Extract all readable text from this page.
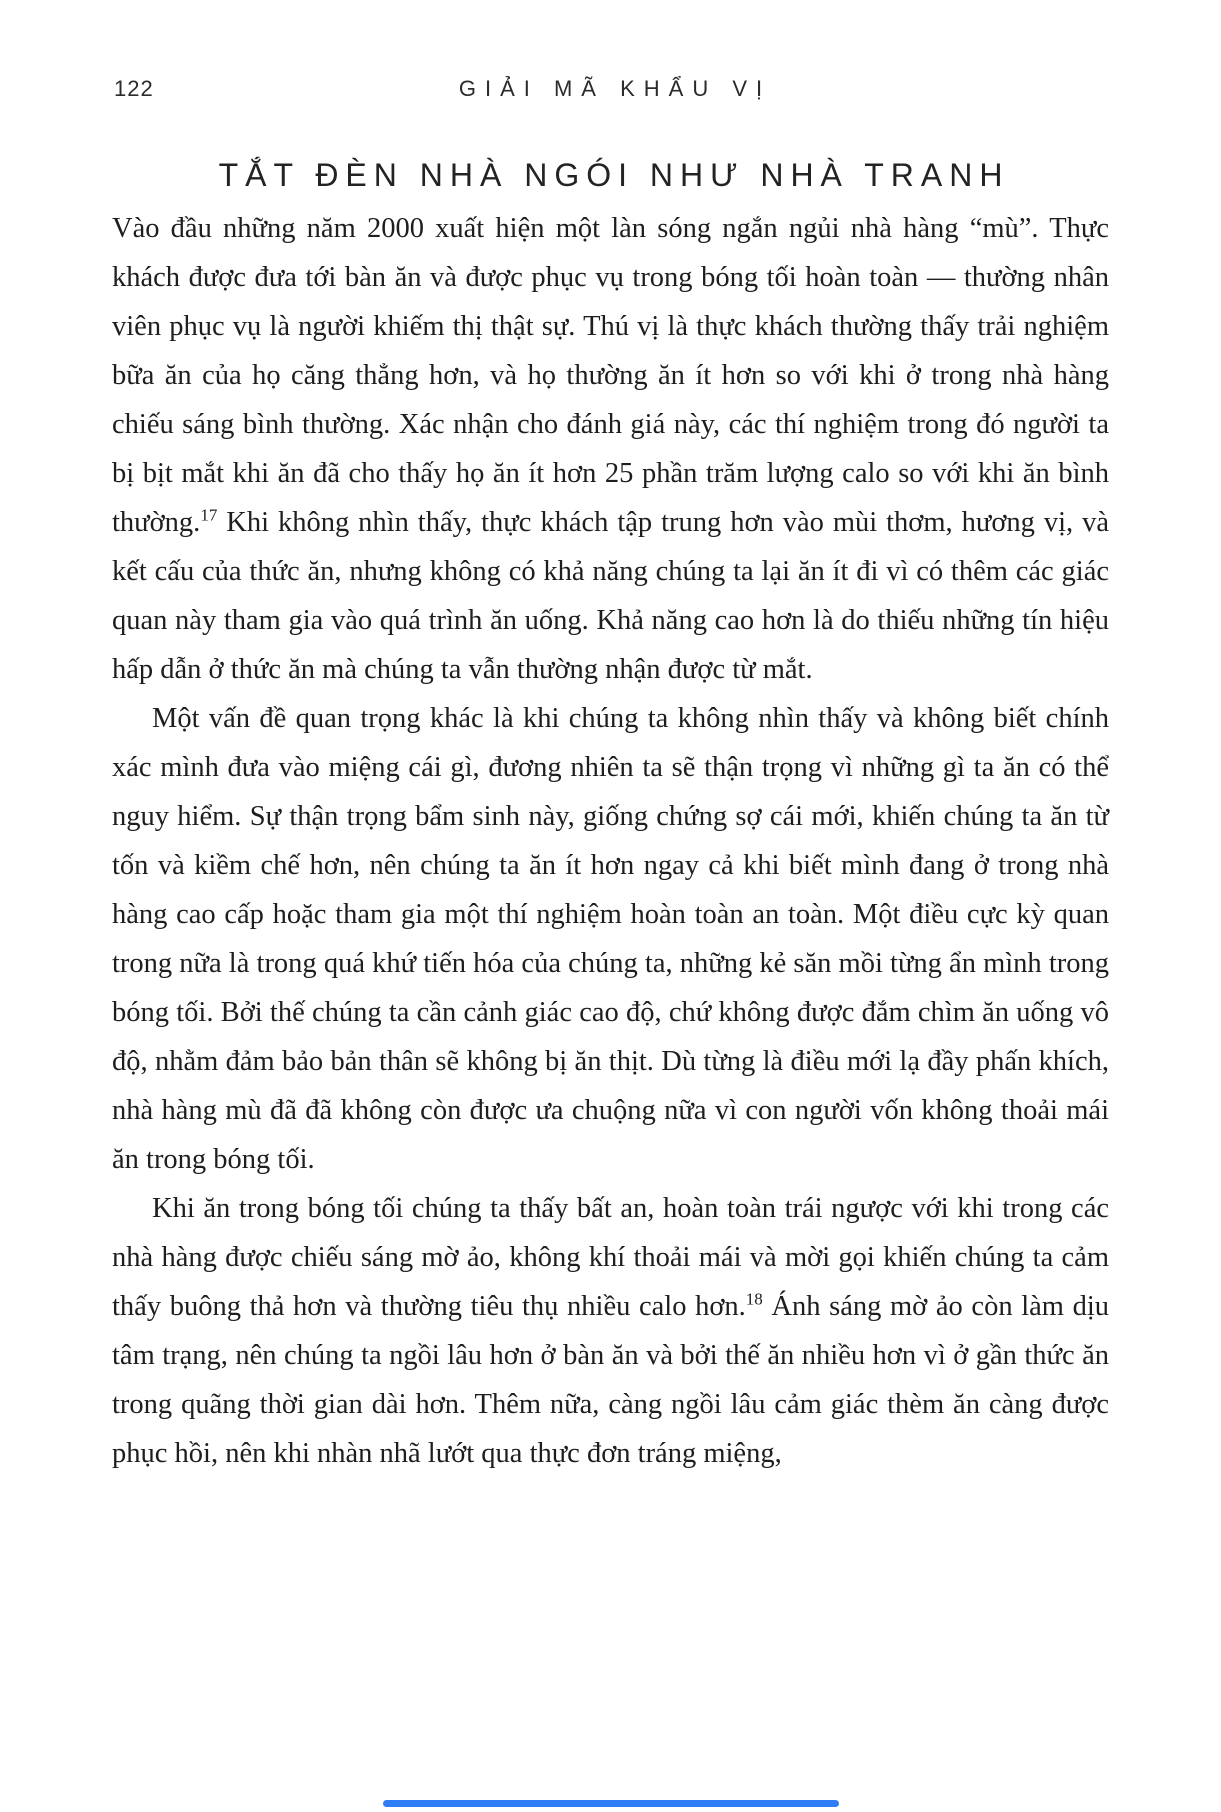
122	GIẢI MÃ KHẨU VỊ
TẮT ĐÈN NHÀ NGÓI NHƯ NHÀ TRANH

Vào đầu những năm 2000 xuất hiện một làn sóng ngắn ngủi nhà hàng “mù”. Thực khách được đưa tới bàn ăn và được phục vụ trong bóng tối hoàn toàn — thường nhân viên phục vụ là người khiếm thị thật sự. Thú vị là thực khách thường thấy trải nghiệm bữa ăn của họ căng thẳng hơn, và họ thường ăn ít hơn so với khi ở trong nhà hàng chiếu sáng bình thường. Xác nhận cho đánh giá này, các thí nghiệm trong đó người ta bị bịt mắt khi ăn đã cho thấy họ ăn ít hơn 25 phần trăm lượng calo so với khi ăn bình thường.$^{17}$ Khi không nhìn thấy, thực khách tập trung hơn vào mùi thơm, hương vị, và kết cấu của thức ăn, nhưng không có khả năng chúng ta lại ăn ít đi vì có thêm các giác quan này tham gia vào quá trình ăn uống. Khả năng cao hơn là do thiếu những tín hiệu hấp dẫn ở thức ăn mà chúng ta vẫn thường nhận được từ mắt.

Một vấn đề quan trọng khác là khi chúng ta không nhìn thấy và không biết chính xác mình đưa vào miệng cái gì, đương nhiên ta sẽ thận trọng vì những gì ta ăn có thể nguy hiểm. Sự thận trọng bẩm sinh này, giống chứng sợ cái mới, khiến chúng ta ăn từ tốn và kiềm chế hơn, nên chúng ta ăn ít hơn ngay cả khi biết mình đang ở trong nhà hàng cao cấp hoặc tham gia một thí nghiệm hoàn toàn an toàn. Một điều cực kỳ quan trong nữa là trong quá khứ tiến hóa của chúng ta, những kẻ săn mồi từng ẩn mình trong bóng tối. Bởi thế chúng ta cần cảnh giác cao độ, chứ không được đắm chìm ăn uống vô độ, nhằm đảm bảo bản thân sẽ không bị ăn thịt. Dù từng là điều mới lạ đầy phấn khích, nhà hàng mù đã đã không còn được ưa chuộng nữa vì con người vốn không thoải mái ăn trong bóng tối.

Khi ăn trong bóng tối chúng ta thấy bất an, hoàn toàn trái ngược với khi trong các nhà hàng được chiếu sáng mờ ảo, không khí thoải mái và mời gọi khiến chúng ta cảm thấy buông thả hơn và thường tiêu thụ nhiều calo hơn.$^{18}$ Ánh sáng mờ ảo còn làm dịu tâm trạng, nên chúng ta ngồi lâu hơn ở bàn ăn và bởi thế ăn nhiều hơn vì ở gần thức ăn trong quãng thời gian dài hơn. Thêm nữa, càng ngồi lâu cảm giác thèm ăn càng được phục hồi, nên khi nhàn nhã lướt qua thực đơn tráng miệng,
